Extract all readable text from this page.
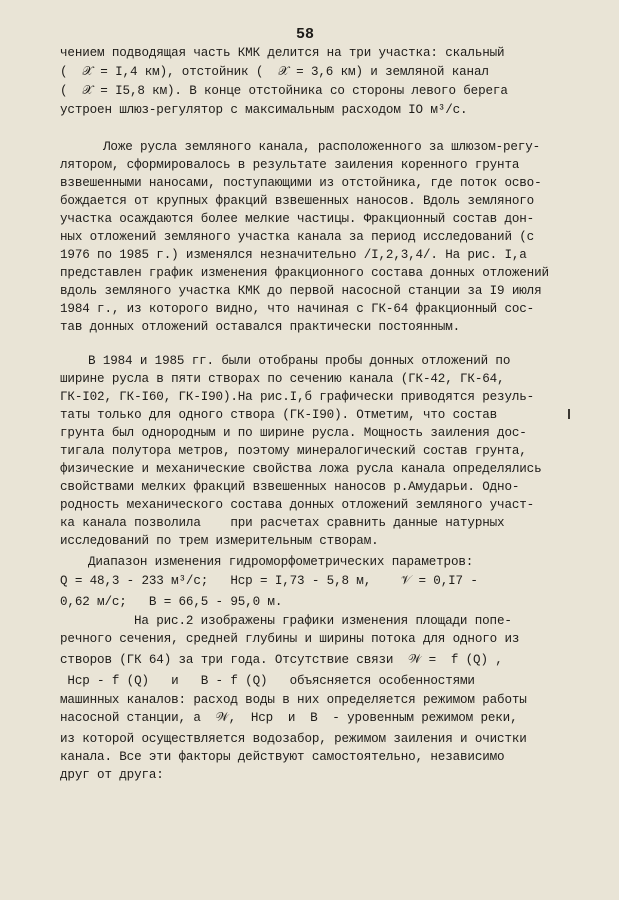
58
чением подводящая часть КМК делится на три участка: скальный
(  𝒳 = I,4 км), отстойник (  𝒳 = 3,6 км) и земляной канал
(  𝒳 = I5,8 км). В конце отстойника со стороны левого берега
устроен шлюз-регулятор с максимальным расходом IO м³/с.
Ложе русла земляного канала, расположенного за шлюзом-регу-
лятором, сформировалось в результате заиления коренного грунта
взвешенными наносами, поступающими из отстойника, где поток осво-
бождается от крупных фракций взвешенных наносов. Вдоль земляного
участка осаждаются более мелкие частицы. Фракционный состав дон-
ных отложений земляного участка канала за период исследований (с
1976 по 1985 г.) изменялся незначительно /I,2,3,4/. На рис. I,а
представлен график изменения фракционного состава донных отложений
вдоль земляного участка КМК до первой насосной станции за I9 июля
1984 г., из которого видно, что начиная с ГК-64 фракционный сос-
тав донных отложений оставался практически постоянным.
В 1984 и 1985 гг. были отобраны пробы донных отложений по
ширине русла в пяти створах по сечению канала (ГК-42, ГК-64,
ГК-I02, ГК-I60, ГК-I90).На рис.I,б графически приводятся резуль-
таты только для одного створа (ГК-I90). Отметим, что состав
грунта был однородным и по ширине русла. Мощность заиления дос-
тигала полутора метров, поэтому минералогический состав грунта,
физические и механические свойства ложа русла канала определялись
свойствами мелких фракций взвешенных наносов р.Амударьи. Одно-
родность механического состава донных отложений земляного участ-
ка канала позволила    при расчетах сравнить данные натурных
исследований по трем измерительным створам.
Диапазон изменения гидроморфометрических параметров:
Q = 48,3 - 233 м³/с;   Hср = I,73 - 5,8 м,    𝒱 = 0,I7 -
0,62 м/с;   B = 66,5 - 95,0 м.
На рис.2 изображены графики изменения площади попе-
речного сечения, средней глубины и ширины потока для одного из
створов (ГК 64) за три года. Отсутствие связи  𝒲 =  f (Q) ,
Hср - f (Q)   и   B - f (Q)   объясняется особенностями
машинных каналов: расход воды в них определяется режимом работы
насосной станции, а  𝒲,  Hср  и  B  - уровенным режимом реки,
из которой осуществляется водозабор, режимом заиления и очистки
канала. Все эти факторы действуют самостоятельно, независимо
друг от друга:
